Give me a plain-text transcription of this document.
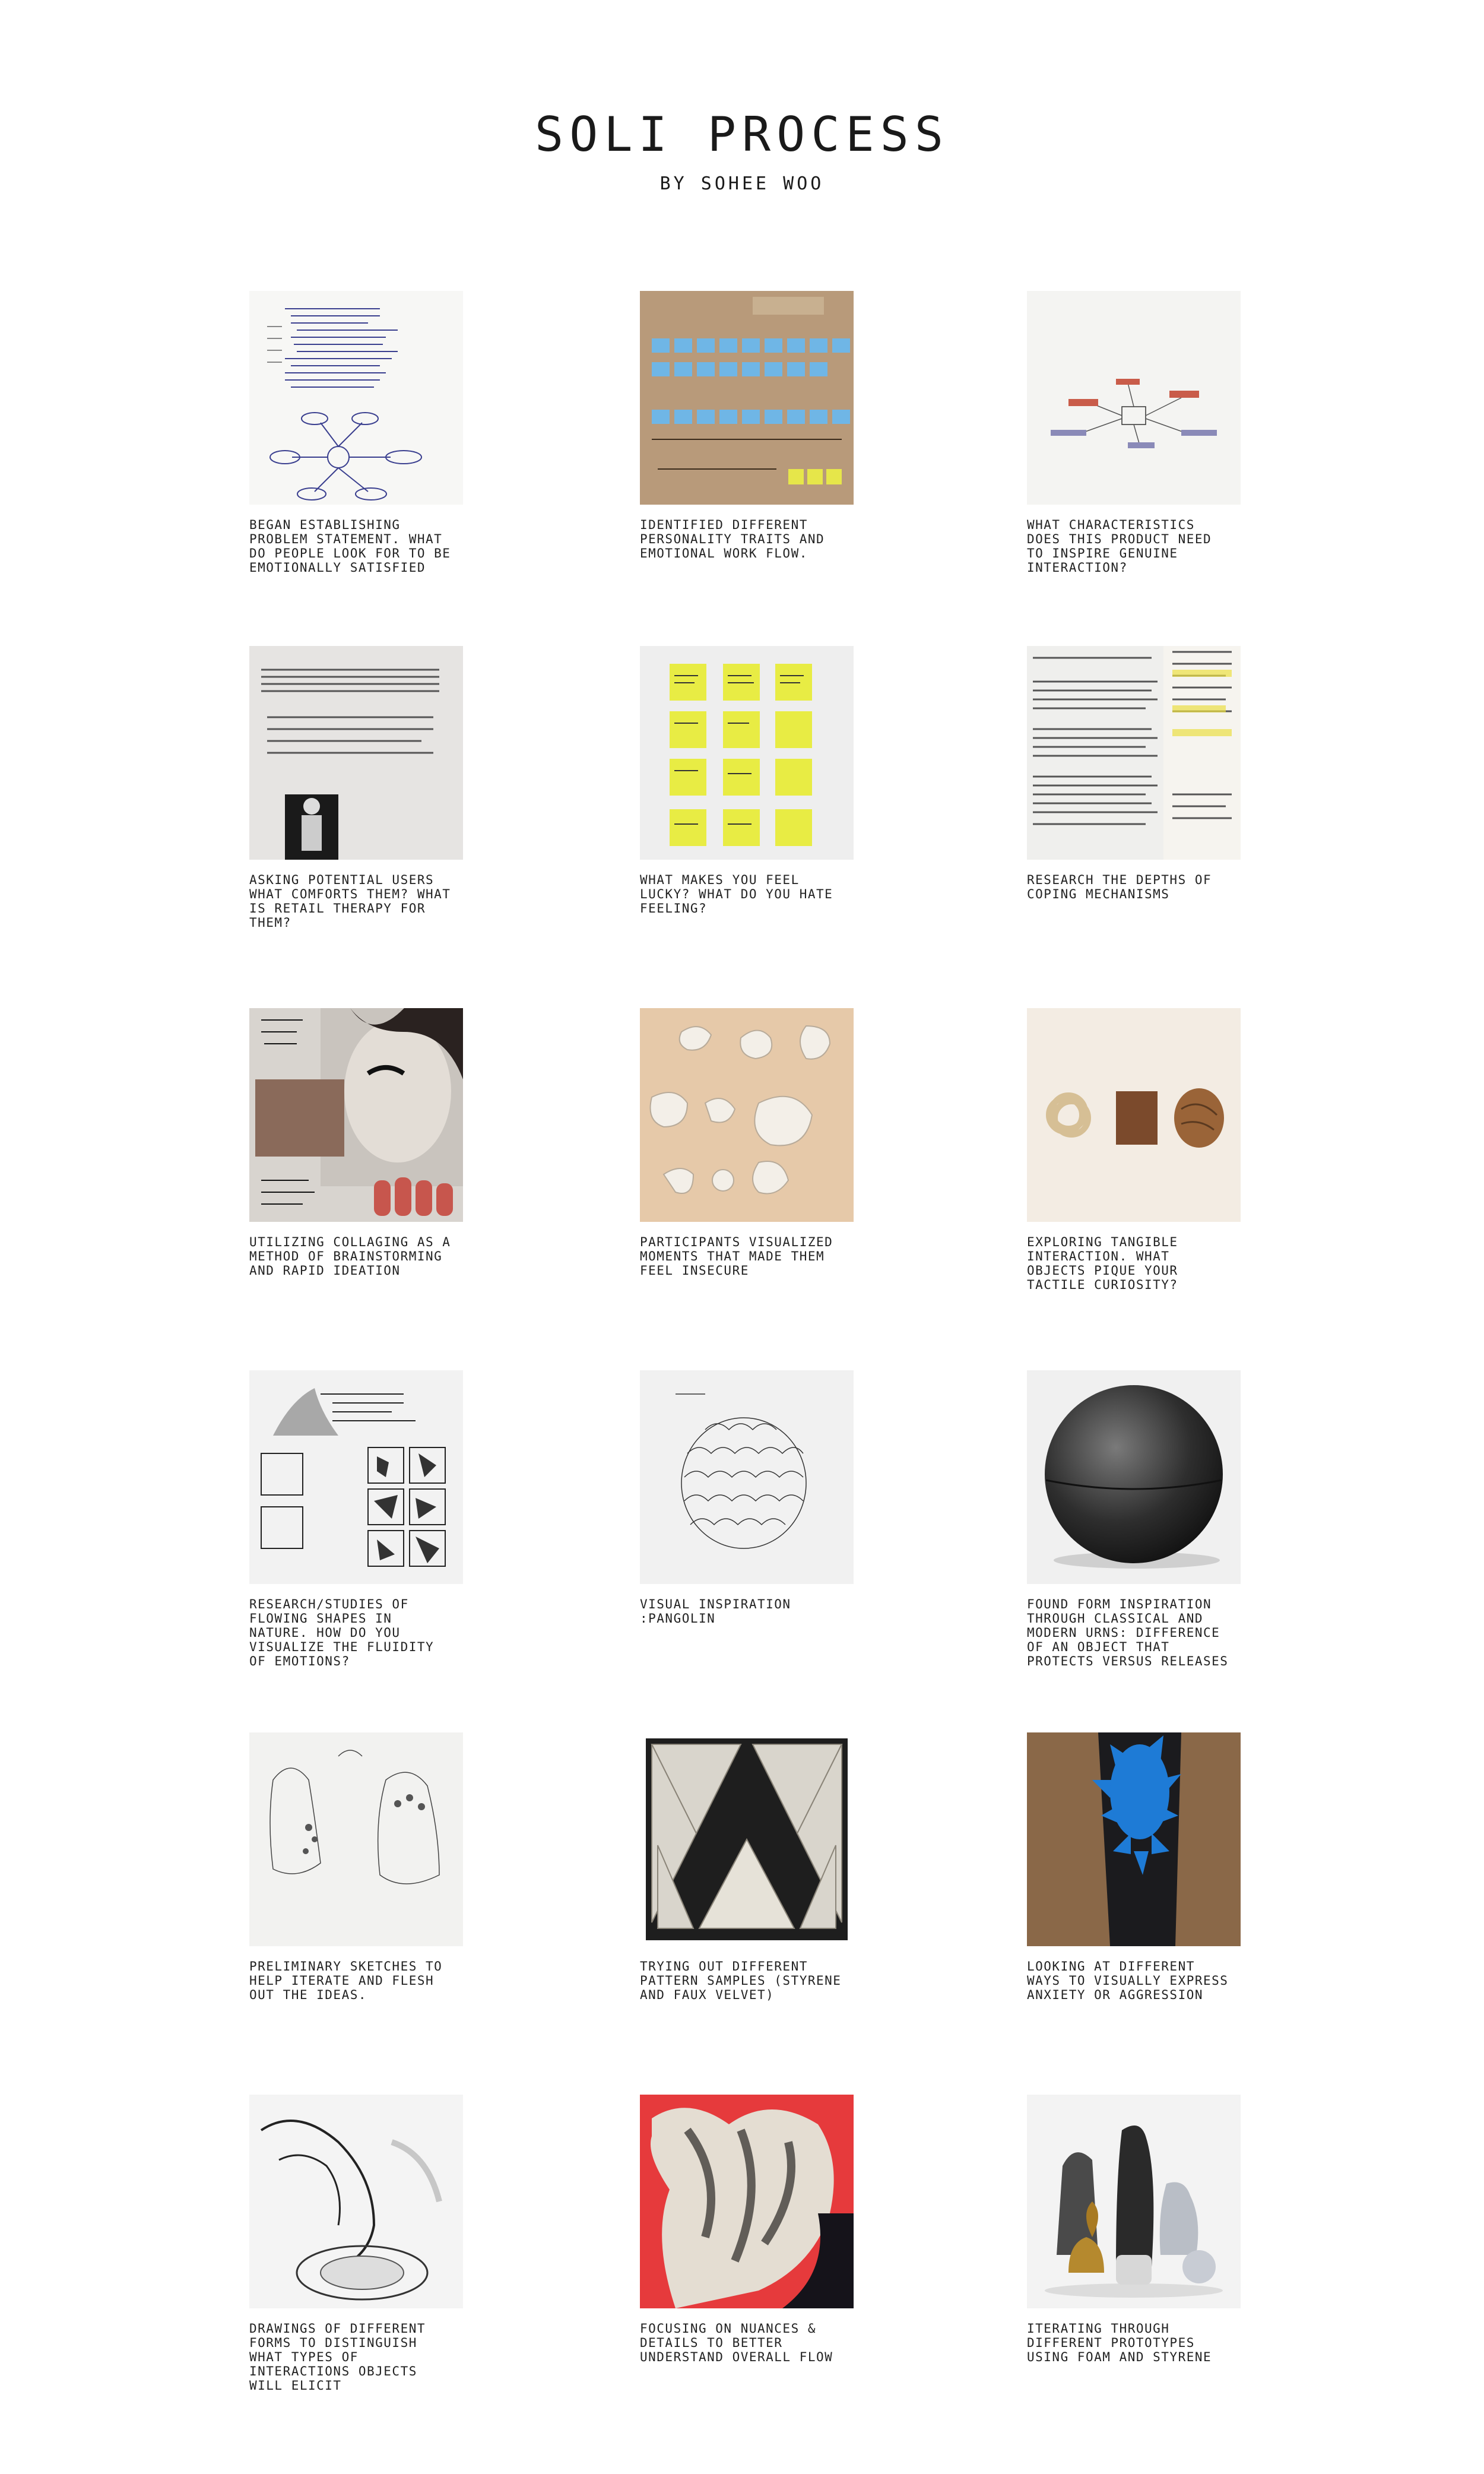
SOLI PROCESS
BY SOHEE WOO
BEGAN ESTABLISHING
PROBLEM STATEMENT. WHAT
DO PEOPLE LOOK FOR TO BE
EMOTIONALLY SATISFIED
IDENTIFIED DIFFERENT
PERSONALITY TRAITS AND
EMOTIONAL WORK FLOW.
WHAT CHARACTERISTICS
DOES THIS PRODUCT NEED
TO INSPIRE GENUINE
INTERACTION?
ASKING POTENTIAL USERS
WHAT COMFORTS THEM? WHAT
IS RETAIL THERAPY FOR
THEM?
WHAT MAKES YOU FEEL
LUCKY? WHAT DO YOU HATE
FEELING?
RESEARCH THE DEPTHS OF
COPING MECHANISMS
UTILIZING COLLAGING AS A
METHOD OF BRAINSTORMING
AND RAPID IDEATION
PARTICIPANTS VISUALIZED
MOMENTS THAT MADE THEM
FEEL INSECURE
EXPLORING TANGIBLE
INTERACTION. WHAT
OBJECTS PIQUE YOUR
TACTILE CURIOSITY?
RESEARCH/STUDIES OF
FLOWING SHAPES IN
NATURE. HOW DO YOU
VISUALIZE THE FLUIDITY
OF EMOTIONS?
VISUAL INSPIRATION
:PANGOLIN
FOUND FORM INSPIRATION
THROUGH CLASSICAL AND
MODERN URNS: DIFFERENCE
OF AN OBJECT THAT
PROTECTS VERSUS RELEASES
PRELIMINARY SKETCHES TO
HELP ITERATE AND FLESH
OUT THE IDEAS.
TRYING OUT DIFFERENT
PATTERN SAMPLES (STYRENE
AND FAUX VELVET)
LOOKING AT DIFFERENT
WAYS TO VISUALLY EXPRESS
ANXIETY OR AGGRESSION
DRAWINGS OF DIFFERENT
FORMS TO DISTINGUISH
WHAT TYPES OF
INTERACTIONS OBJECTS
WILL ELICIT
FOCUSING ON NUANCES &
DETAILS TO BETTER
UNDERSTAND OVERALL FLOW
ITERATING THROUGH
DIFFERENT PROTOTYPES
USING FOAM AND STYRENE
